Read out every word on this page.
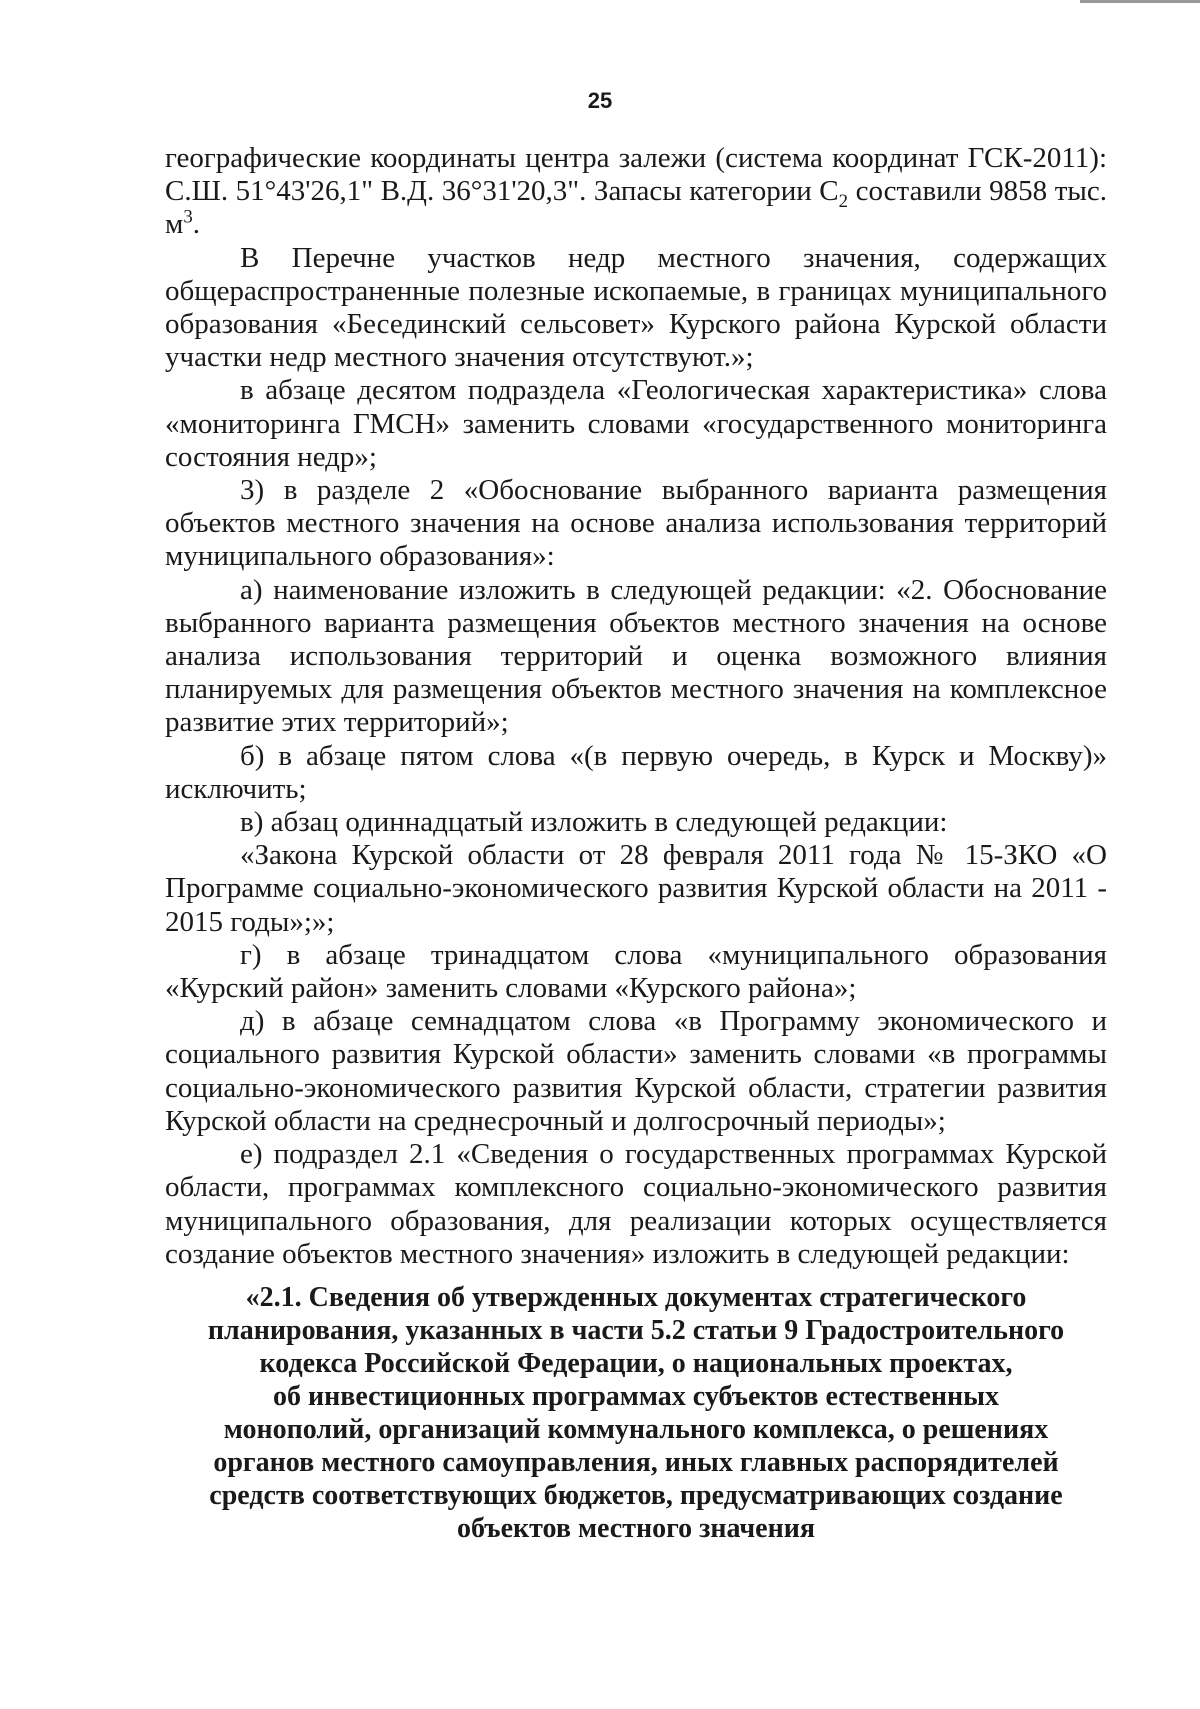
25

географические координаты центра залежи (система координат ГСК-2011): С.Ш. 51°43'26,1" В.Д. 36°31'20,3". Запасы категории $С_2$ составили 9858 тыс. $м^3$.

В Перечне участков недр местного значения, содержащих общераспространенные полезные ископаемые, в границах муниципального образования «Бесединский сельсовет» Курского района Курской области участки недр местного значения отсутствуют.»;

в абзаце десятом подраздела «Геологическая характеристика» слова «мониторинга ГМСН» заменить словами «государственного мониторинга состояния недр»;

3) в разделе 2 «Обоснование выбранного варианта размещения объектов местного значения на основе анализа использования территорий муниципального образования»:

а) наименование изложить в следующей редакции: «2. Обоснование выбранного варианта размещения объектов местного значения на основе анализа использования территорий и оценка возможного влияния планируемых для размещения объектов местного значения на комплексное развитие этих территорий»;

б) в абзаце пятом слова «(в первую очередь, в Курск и Москву)» исключить;

в) абзац одиннадцатый изложить в следующей редакции:

«Закона Курской области от 28 февраля 2011 года № 15-ЗКО «О Программе социально-экономического развития Курской области на 2011 - 2015 годы»;»;

г) в абзаце тринадцатом слова «муниципального образования «Курский район» заменить словами «Курского района»;

д) в абзаце семнадцатом слова «в Программу экономического и социального развития Курской области» заменить словами «в программы социально-экономического развития Курской области, стратегии развития Курской области на среднесрочный и долгосрочный периоды»;

е) подраздел 2.1 «Сведения о государственных программах Курской области, программах комплексного социально-экономического развития муниципального образования, для реализации которых осуществляется создание объектов местного значения» изложить в следующей редакции:

«2.1. Сведения об утвержденных документах стратегического
планирования, указанных в части 5.2 статьи 9 Градостроительного
кодекса Российской Федерации, о национальных проектах,
об инвестиционных программах субъектов естественных
монополий, организаций коммунального комплекса, о решениях
органов местного самоуправления, иных главных распорядителей
средств соответствующих бюджетов, предусматривающих создание
объектов местного значения
